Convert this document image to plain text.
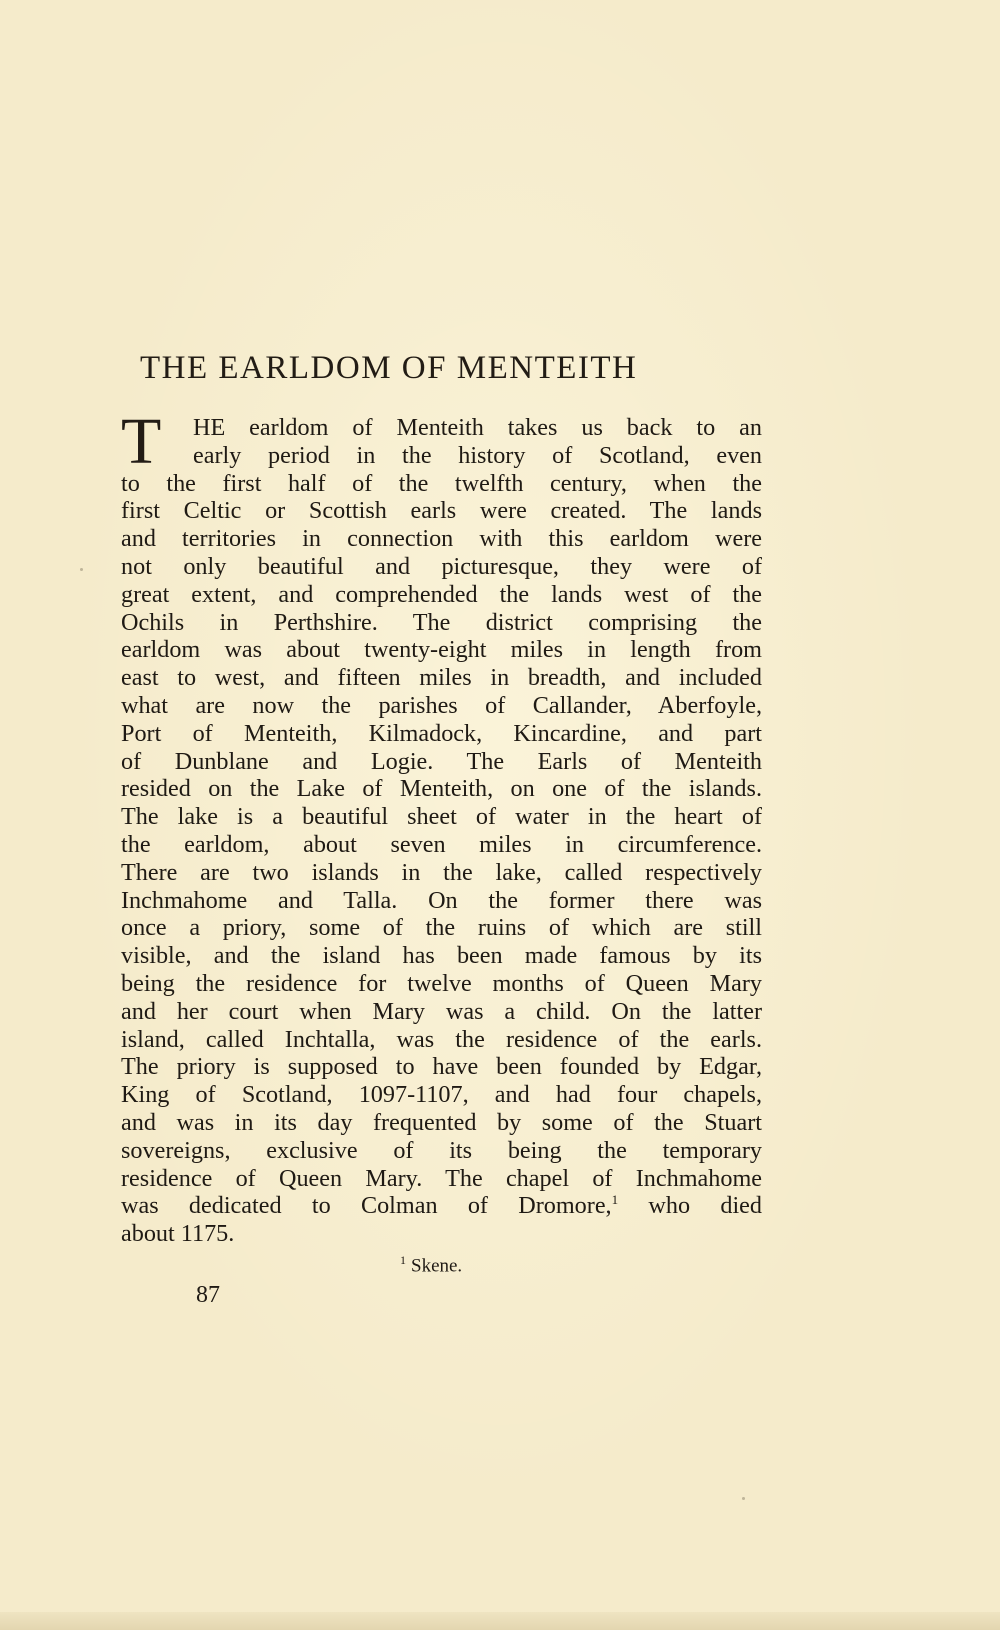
THE EARLDOM OF MENTEITH
T HE earldom of Menteith takes us back to an
early period in the history of Scotland, even
to the first half of the twelfth century, when the
first Celtic or Scottish earls were created. The lands
and territories in connection with this earldom were
not only beautiful and picturesque, they were of
great extent, and comprehended the lands west of the
Ochils in Perthshire. The district comprising the
earldom was about twenty-eight miles in length from
east to west, and fifteen miles in breadth, and included
what are now the parishes of Callander, Aberfoyle,
Port of Menteith, Kilmadock, Kincardine, and part
of Dunblane and Logie. The Earls of Menteith
resided on the Lake of Menteith, on one of the islands.
The lake is a beautiful sheet of water in the heart of
the earldom, about seven miles in circumference.
There are two islands in the lake, called respectively
Inchmahome and Talla. On the former there was
once a priory, some of the ruins of which are still
visible, and the island has been made famous by its
being the residence for twelve months of Queen Mary
and her court when Mary was a child. On the latter
island, called Inchtalla, was the residence of the earls.
The priory is supposed to have been founded by Edgar,
King of Scotland, 1097-1107, and had four chapels,
and was in its day frequented by some of the Stuart
sovereigns, exclusive of its being the temporary
residence of Queen Mary. The chapel of Inchmahome
was dedicated to Colman of Dromore,$^1$ who died
about 1175.
$^1$ Skene.
87
